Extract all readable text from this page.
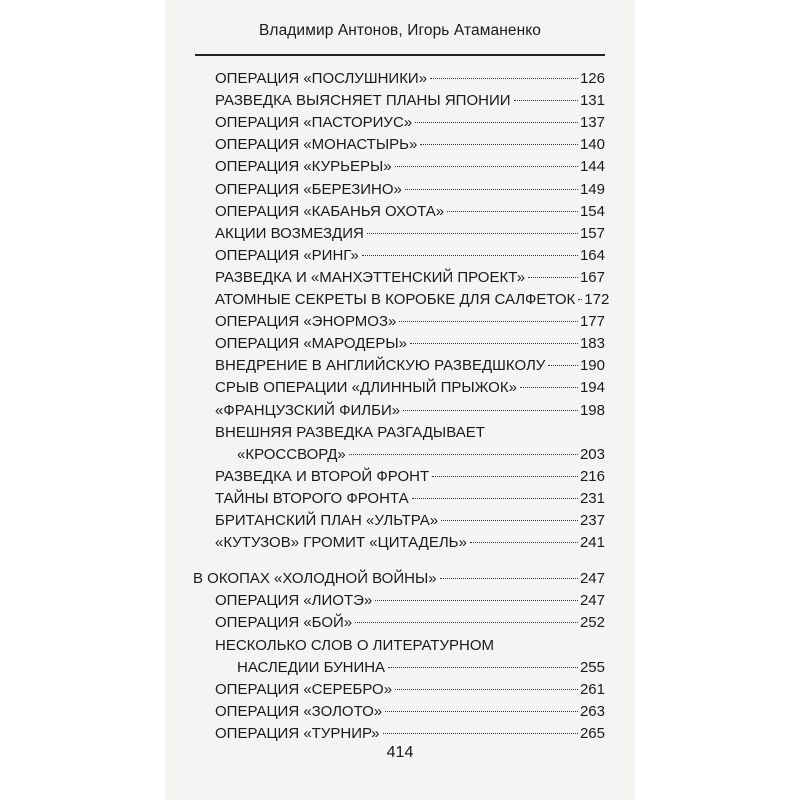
Владимир Антонов, Игорь Атаманенко
ОПЕРАЦИЯ «ПОСЛУШНИКИ»	126
РАЗВЕДКА ВЫЯСНЯЕТ ПЛАНЫ ЯПОНИИ	131
ОПЕРАЦИЯ «ПАСТОРИУС»	137
ОПЕРАЦИЯ «МОНАСТЫРЬ»	140
ОПЕРАЦИЯ «КУРЬЕРЫ»	144
ОПЕРАЦИЯ «БЕРЕЗИНО»	149
ОПЕРАЦИЯ «КАБАНЬЯ ОХОТА»	154
АКЦИИ ВОЗМЕЗДИЯ	157
ОПЕРАЦИЯ «РИНГ»	164
РАЗВЕДКА И «МАНХЭТТЕНСКИЙ ПРОЕКТ»	167
АТОМНЫЕ СЕКРЕТЫ В КОРОБКЕ ДЛЯ САЛФЕТОК 172
ОПЕРАЦИЯ «ЭНОРМОЗ»	177
ОПЕРАЦИЯ «МАРОДЕРЫ»	183
ВНЕДРЕНИЕ В АНГЛИЙСКУЮ РАЗВЕДШКОЛУ 190
СРЫВ ОПЕРАЦИИ «ДЛИННЫЙ ПРЫЖОК»	194
«ФРАНЦУЗСКИЙ ФИЛБИ»	198
ВНЕШНЯЯ РАЗВЕДКА РАЗГАДЫВАЕТ
«КРОССВОРД»	203
РАЗВЕДКА И ВТОРОЙ ФРОНТ	216
ТАЙНЫ ВТОРОГО ФРОНТА	231
БРИТАНСКИЙ ПЛАН «УЛЬТРА»	237
«КУТУЗОВ» ГРОМИТ «ЦИТАДЕЛЬ»	241
В ОКОПАХ «ХОЛОДНОЙ ВОЙНЫ»	247
ОПЕРАЦИЯ «ЛИОТЭ»	247
ОПЕРАЦИЯ «БОЙ»	252
НЕСКОЛЬКО СЛОВ О ЛИТЕРАТУРНОМ
НАСЛЕДИИ БУНИНА	255
ОПЕРАЦИЯ «СЕРЕБРО»	261
ОПЕРАЦИЯ «ЗОЛОТО»	263
ОПЕРАЦИЯ «ТУРНИР»	265
414
